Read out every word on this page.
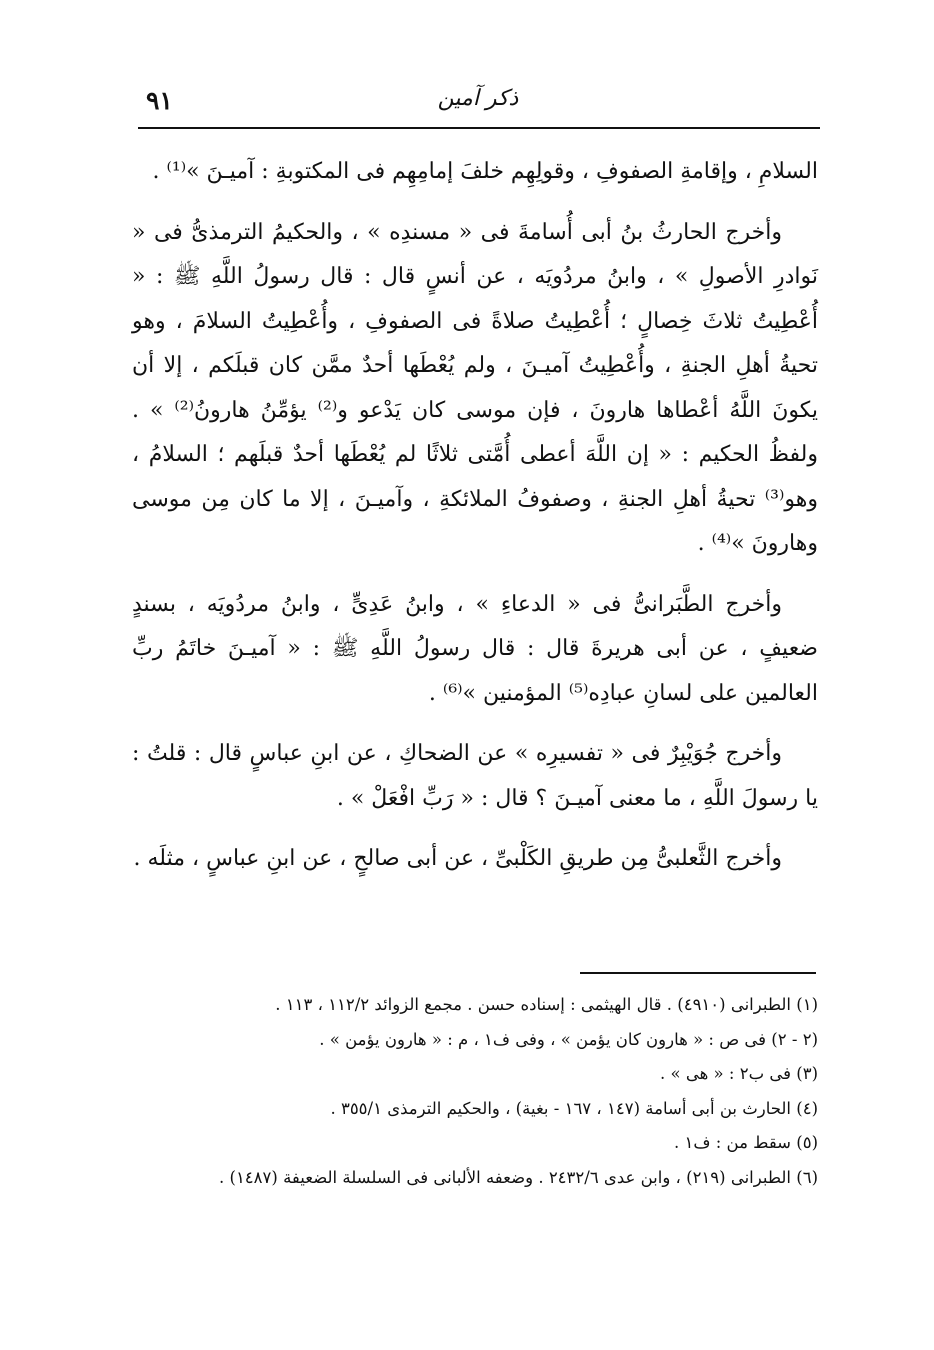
٩١	ذكر آمين

السلامِ ، وإقامةِ الصفوفِ ، وقولِهِم خلفَ إمامِهِم فى المكتوبةِ : آميـنَ »⁽¹⁾ .

وأخرج الحارثُ بنُ أبى أُسامةَ فى « مسندِه » ، والحكيمُ الترمذىُّ فى « نَوادرِ الأصولِ » ، وابنُ مردُويَه ، عن أنسٍ قال : قال رسولُ اللَّهِ ﷺ : « أُعْطِيتُ ثلاثَ خِصالٍ ؛ أُعْطِيتُ صلاةً فى الصفوفِ ، وأُعْطِيتُ السلامَ ، وهو تحيةُ أهلِ الجنةِ ، وأُعْطِيتُ آميـنَ ، ولم يُعْطَها أحدٌ ممَّن كان قبلَكم ، إلا أن يكونَ اللَّهُ أعْطاها هارونَ ، فإن موسى كان يَدْعو و⁽²⁾ يؤمِّنُ هارونُ⁽²⁾ » . ولفظُ الحكيم : « إن اللَّهَ أعطى أُمَّتى ثلاثًا لم يُعْطَها أحدٌ قبلَهم ؛ السلامُ ، وهو⁽³⁾ تحيةُ أهلِ الجنةِ ، وصفوفُ الملائكةِ ، وآميـنَ ، إلا ما كان مِن موسى وهارونَ »⁽⁴⁾ .

وأخرج الطَّبَرانىُّ فى « الدعاءِ » ، وابنُ عَدِىٍّ ، وابنُ مردُويَه ، بسندٍ ضعيفٍ ، عن أبى هريرةَ قال : قال رسولُ اللَّهِ ﷺ : « آميـنَ خاتَمُ ربِّ العالمين على لسانِ عبادِه⁽⁵⁾ المؤمنين »⁽⁶⁾ .

وأخرج جُوَيْبِرٌ فى « تفسيرِه » عن الضحاكِ ، عن ابنِ عباسٍ قال : قلتُ : يا رسولَ اللَّهِ ، ما معنى آميـنَ ؟ قال : « رَبِّ افْعَلْ » .

وأخرج الثَّعلبىُّ مِن طريقِ الكَلْبىِّ ، عن أبى صالحٍ ، عن ابنِ عباسٍ ، مثلَه .

(١) الطبرانى (٤٩١٠) . قال الهيثمى : إسناده حسن . مجمع الزوائد ١١٢/٢ ، ١١٣ .
(٢ - ٢) فى ص : « هارون كان يؤمن » ، وفى ف١ ، م : « هارون يؤمن » .
(٣) فى ب٢ : « هى » .
(٤) الحارث بن أبى أسامة (١٤٧ ، ١٦٧ - بغية) ، والحكيم الترمذى ٣٥٥/١ .
(٥) سقط من : ف١ .
(٦) الطبرانى (٢١٩) ، وابن عدى ٢٤٣٢/٦ . وضعفه الألبانى فى السلسلة الضعيفة (١٤٨٧) .
